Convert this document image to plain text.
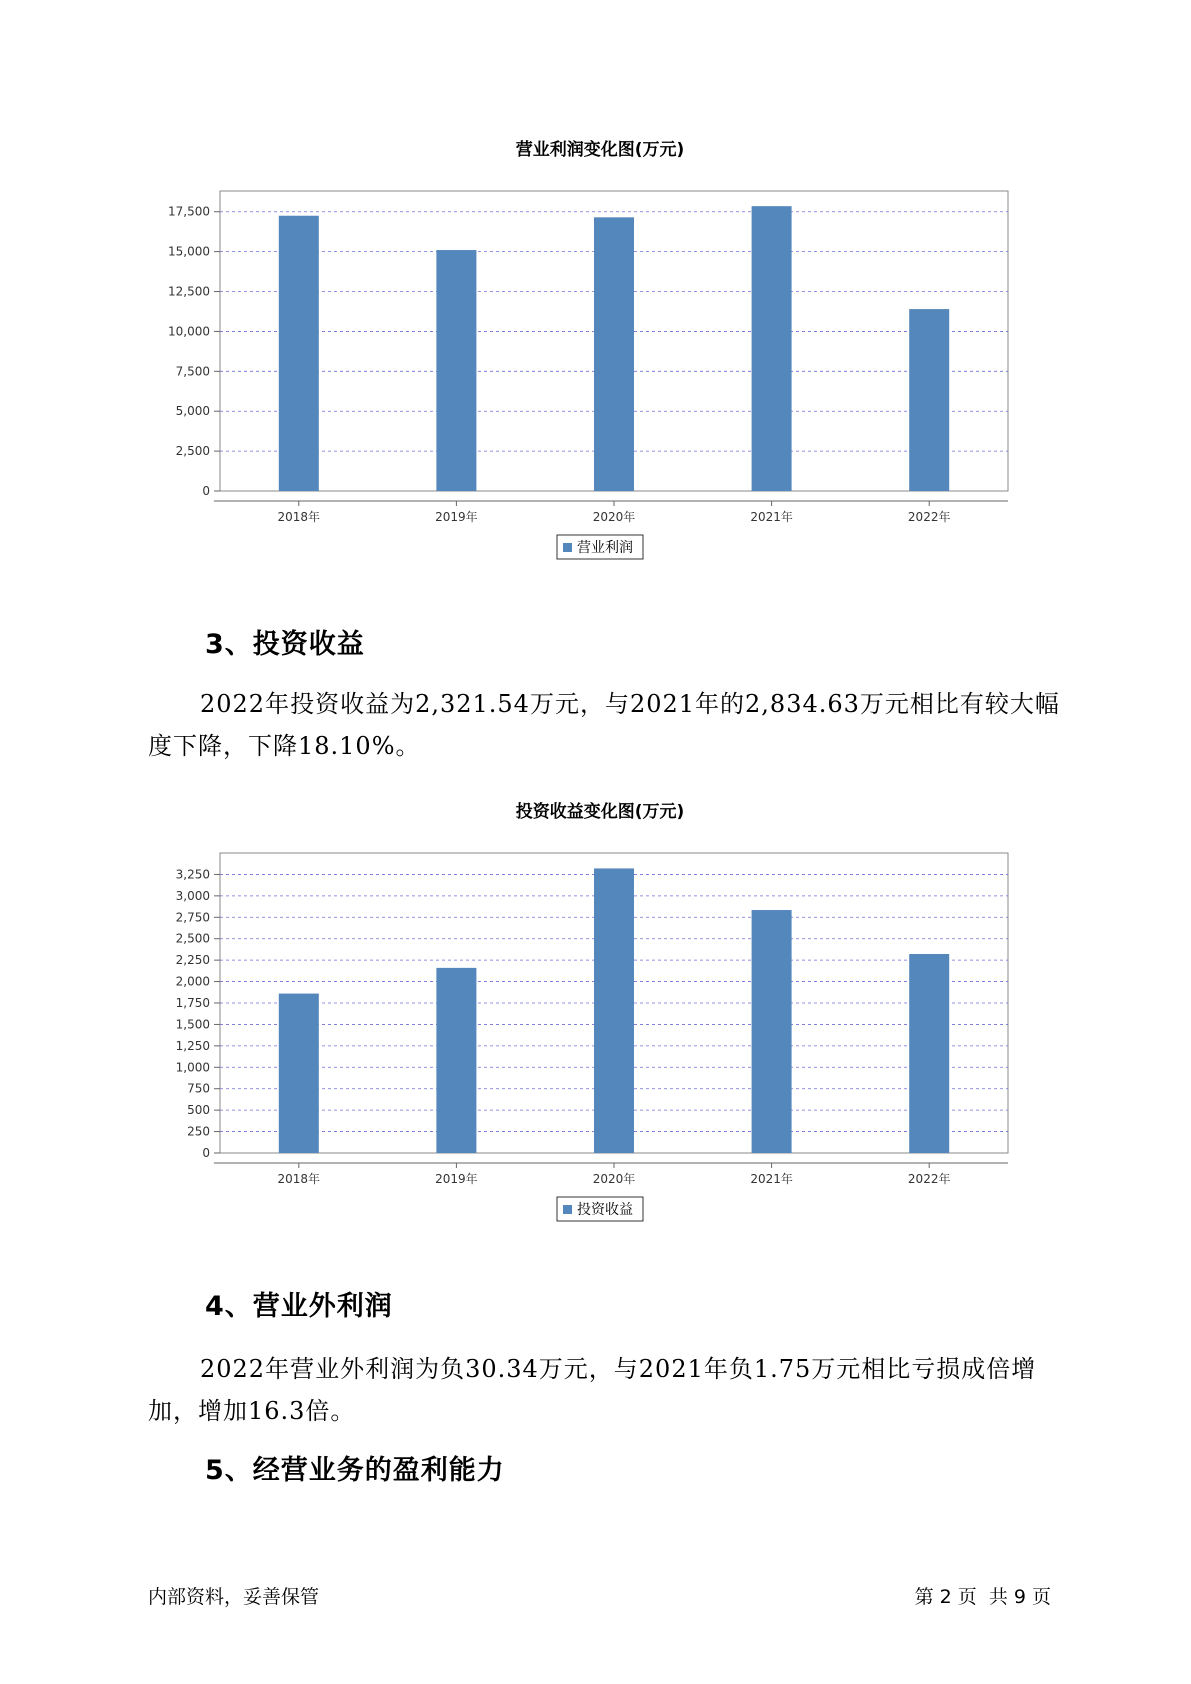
营业利润变化图(万元)
0
2,500
5,000
7,500
10,000
12,500
15,000
17,500
2018年	2019年	2020年	2021年	2022年
营业利润
3、投资收益

2022年投资收益为2,321.54万元，与2021年的2,834.63万元相比有较大幅度下降，下降18.10%。

投资收益变化图(万元)
0
250
500
750
1,000
1,250
1,500
1,750
2,000
2,250
2,500
2,750
3,000
3,250
2018年	2019年	2020年	2021年	2022年
投资收益
4、营业外利润

2022年营业外利润为负30.34万元，与2021年负1.75万元相比亏损成倍增加，增加16.3倍。

5、经营业务的盈利能力
内部资料，妥善保管	第 2 页  共 9 页
